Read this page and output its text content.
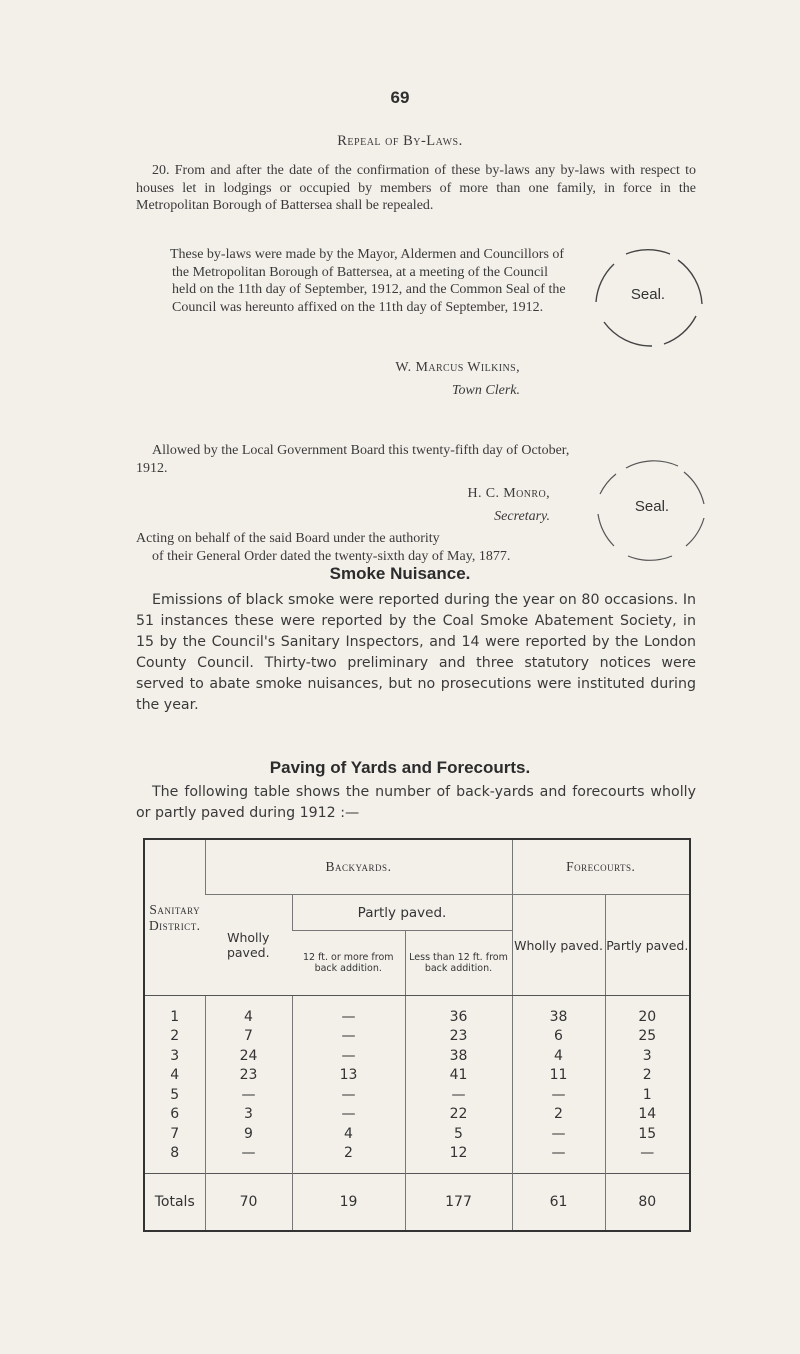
69
Repeal of By-Laws.
20. From and after the date of the confirmation of these by-laws any by-laws with respect to houses let in lodgings or occupied by members of more than one family, in force in the Metropolitan Borough of Battersea shall be repealed.
These by-laws were made by the Mayor, Aldermen and Councillors of the Metropolitan Borough of Battersea, at a meeting of the Council held on the 11th day of September, 1912, and the Common Seal of the Council was hereunto affixed on the 11th day of September, 1912.
Seal.
W. Marcus Wilkins,
Town Clerk.
Allowed by the Local Government Board this twenty-fifth day of October, 1912.
Seal.
H. C. Monro,
Secretary.
Acting on behalf of the said Board under the authority
of their General Order dated the twenty-sixth day of May, 1877.
Smoke Nuisance.
Emissions of black smoke were reported during the year on 80 occasions. In 51 instances these were reported by the Coal Smoke Abatement Society, in 15 by the Council's Sanitary Inspectors, and 14 were reported by the London County Council. Thirty-two preliminary and three statutory notices were served to abate smoke nuisances, but no prosecutions were instituted during the year.
Paving of Yards and Forecourts.
The following table shows the number of back-yards and forecourts wholly or partly paved during 1912 :—
Sanitary District.	Backyards.			Forecourts.	
	Wholly paved.	Partly paved.		Wholly paved.	Partly paved.
		12 ft. or more from back addition.	Less than 12 ft. from back addition.		

1	4	—	36	38	20
2	7	—	23	6	25
3	24	—	38	4	3
4	23	13	41	11	2
5	—	—	—	—	1
6	3	—	22	2	14
7	9	4	5	—	15
8	—	2	12	—	—

Totals	70	19	177	61	80
